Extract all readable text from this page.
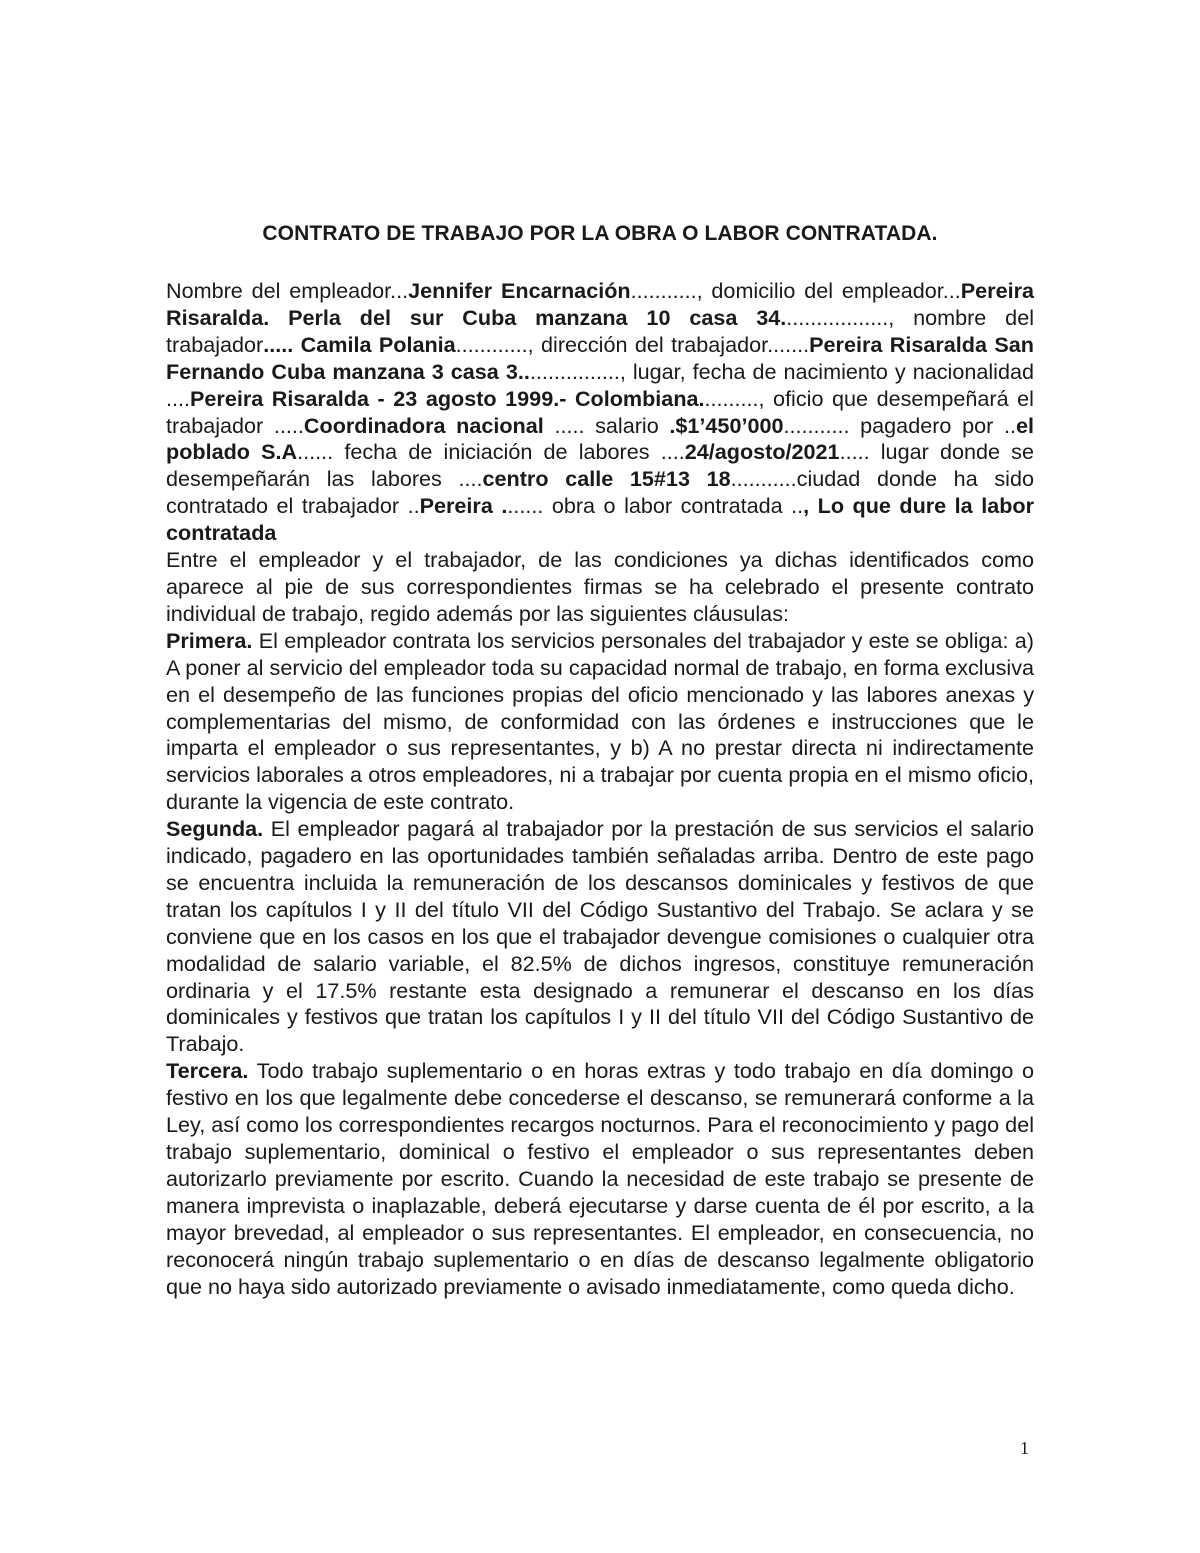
CONTRATO DE TRABAJO POR LA OBRA O LABOR CONTRATADA.

Nombre del empleador...Jennifer Encarnación..........., domicilio del empleador...Pereira Risaralda. Perla del sur Cuba manzana 10 casa 34.................., nombre del trabajador..... Camila Polania............, dirección del trabajador.......Pereira Risaralda San Fernando Cuba manzana 3 casa 3................., lugar, fecha de nacimiento y nacionalidad ....Pereira Risaralda - 23 agosto 1999.- Colombiana.........., oficio que desempeñará el trabajador .....Coordinadora nacional ..... salario .$1’450’000........... pagadero por ..el poblado S.A...... fecha de iniciación de labores ....24/agosto/2021..... lugar donde se desempeñarán las labores ....centro calle 15#13 18...........ciudad donde ha sido contratado el trabajador ..Pereira ....... obra o labor contratada .., Lo que dure la labor contratada

Entre el empleador y el trabajador, de las condiciones ya dichas identificados como aparece al pie de sus correspondientes firmas se ha celebrado el presente contrato individual de trabajo, regido además por las siguientes cláusulas:

Primera. El empleador contrata los servicios personales del trabajador y este se obliga: a) A poner al servicio del empleador toda su capacidad normal de trabajo, en forma exclusiva en el desempeño de las funciones propias del oficio mencionado y las labores anexas y complementarias del mismo, de conformidad con las órdenes e instrucciones que le imparta el empleador o sus representantes, y b) A no prestar directa ni indirectamente servicios laborales a otros empleadores, ni a trabajar por cuenta propia en el mismo oficio, durante la vigencia de este contrato.

Segunda. El empleador pagará al trabajador por la prestación de sus servicios el salario indicado, pagadero en las oportunidades también señaladas arriba. Dentro de este pago se encuentra incluida la remuneración de los descansos dominicales y festivos de que tratan los capítulos I y II del título VII del Código Sustantivo del Trabajo. Se aclara y se conviene que en los casos en los que el trabajador devengue comisiones o cualquier otra modalidad de salario variable, el 82.5% de dichos ingresos, constituye remuneración ordinaria y el 17.5% restante esta designado a remunerar el descanso en los días dominicales y festivos que tratan los capítulos I y II del título VII del Código Sustantivo de Trabajo.

Tercera. Todo trabajo suplementario o en horas extras y todo trabajo en día domingo o festivo en los que legalmente debe concederse el descanso, se remunerará conforme a la Ley, así como los correspondientes recargos nocturnos. Para el reconocimiento y pago del trabajo suplementario, dominical o festivo el empleador o sus representantes deben autorizarlo previamente por escrito. Cuando la necesidad de este trabajo se presente de manera imprevista o inaplazable, deberá ejecutarse y darse cuenta de él por escrito, a la mayor brevedad, al empleador o sus representantes. El empleador, en consecuencia, no reconocerá ningún trabajo suplementario o en días de descanso legalmente obligatorio que no haya sido autorizado previamente o avisado inmediatamente, como queda dicho.

1
